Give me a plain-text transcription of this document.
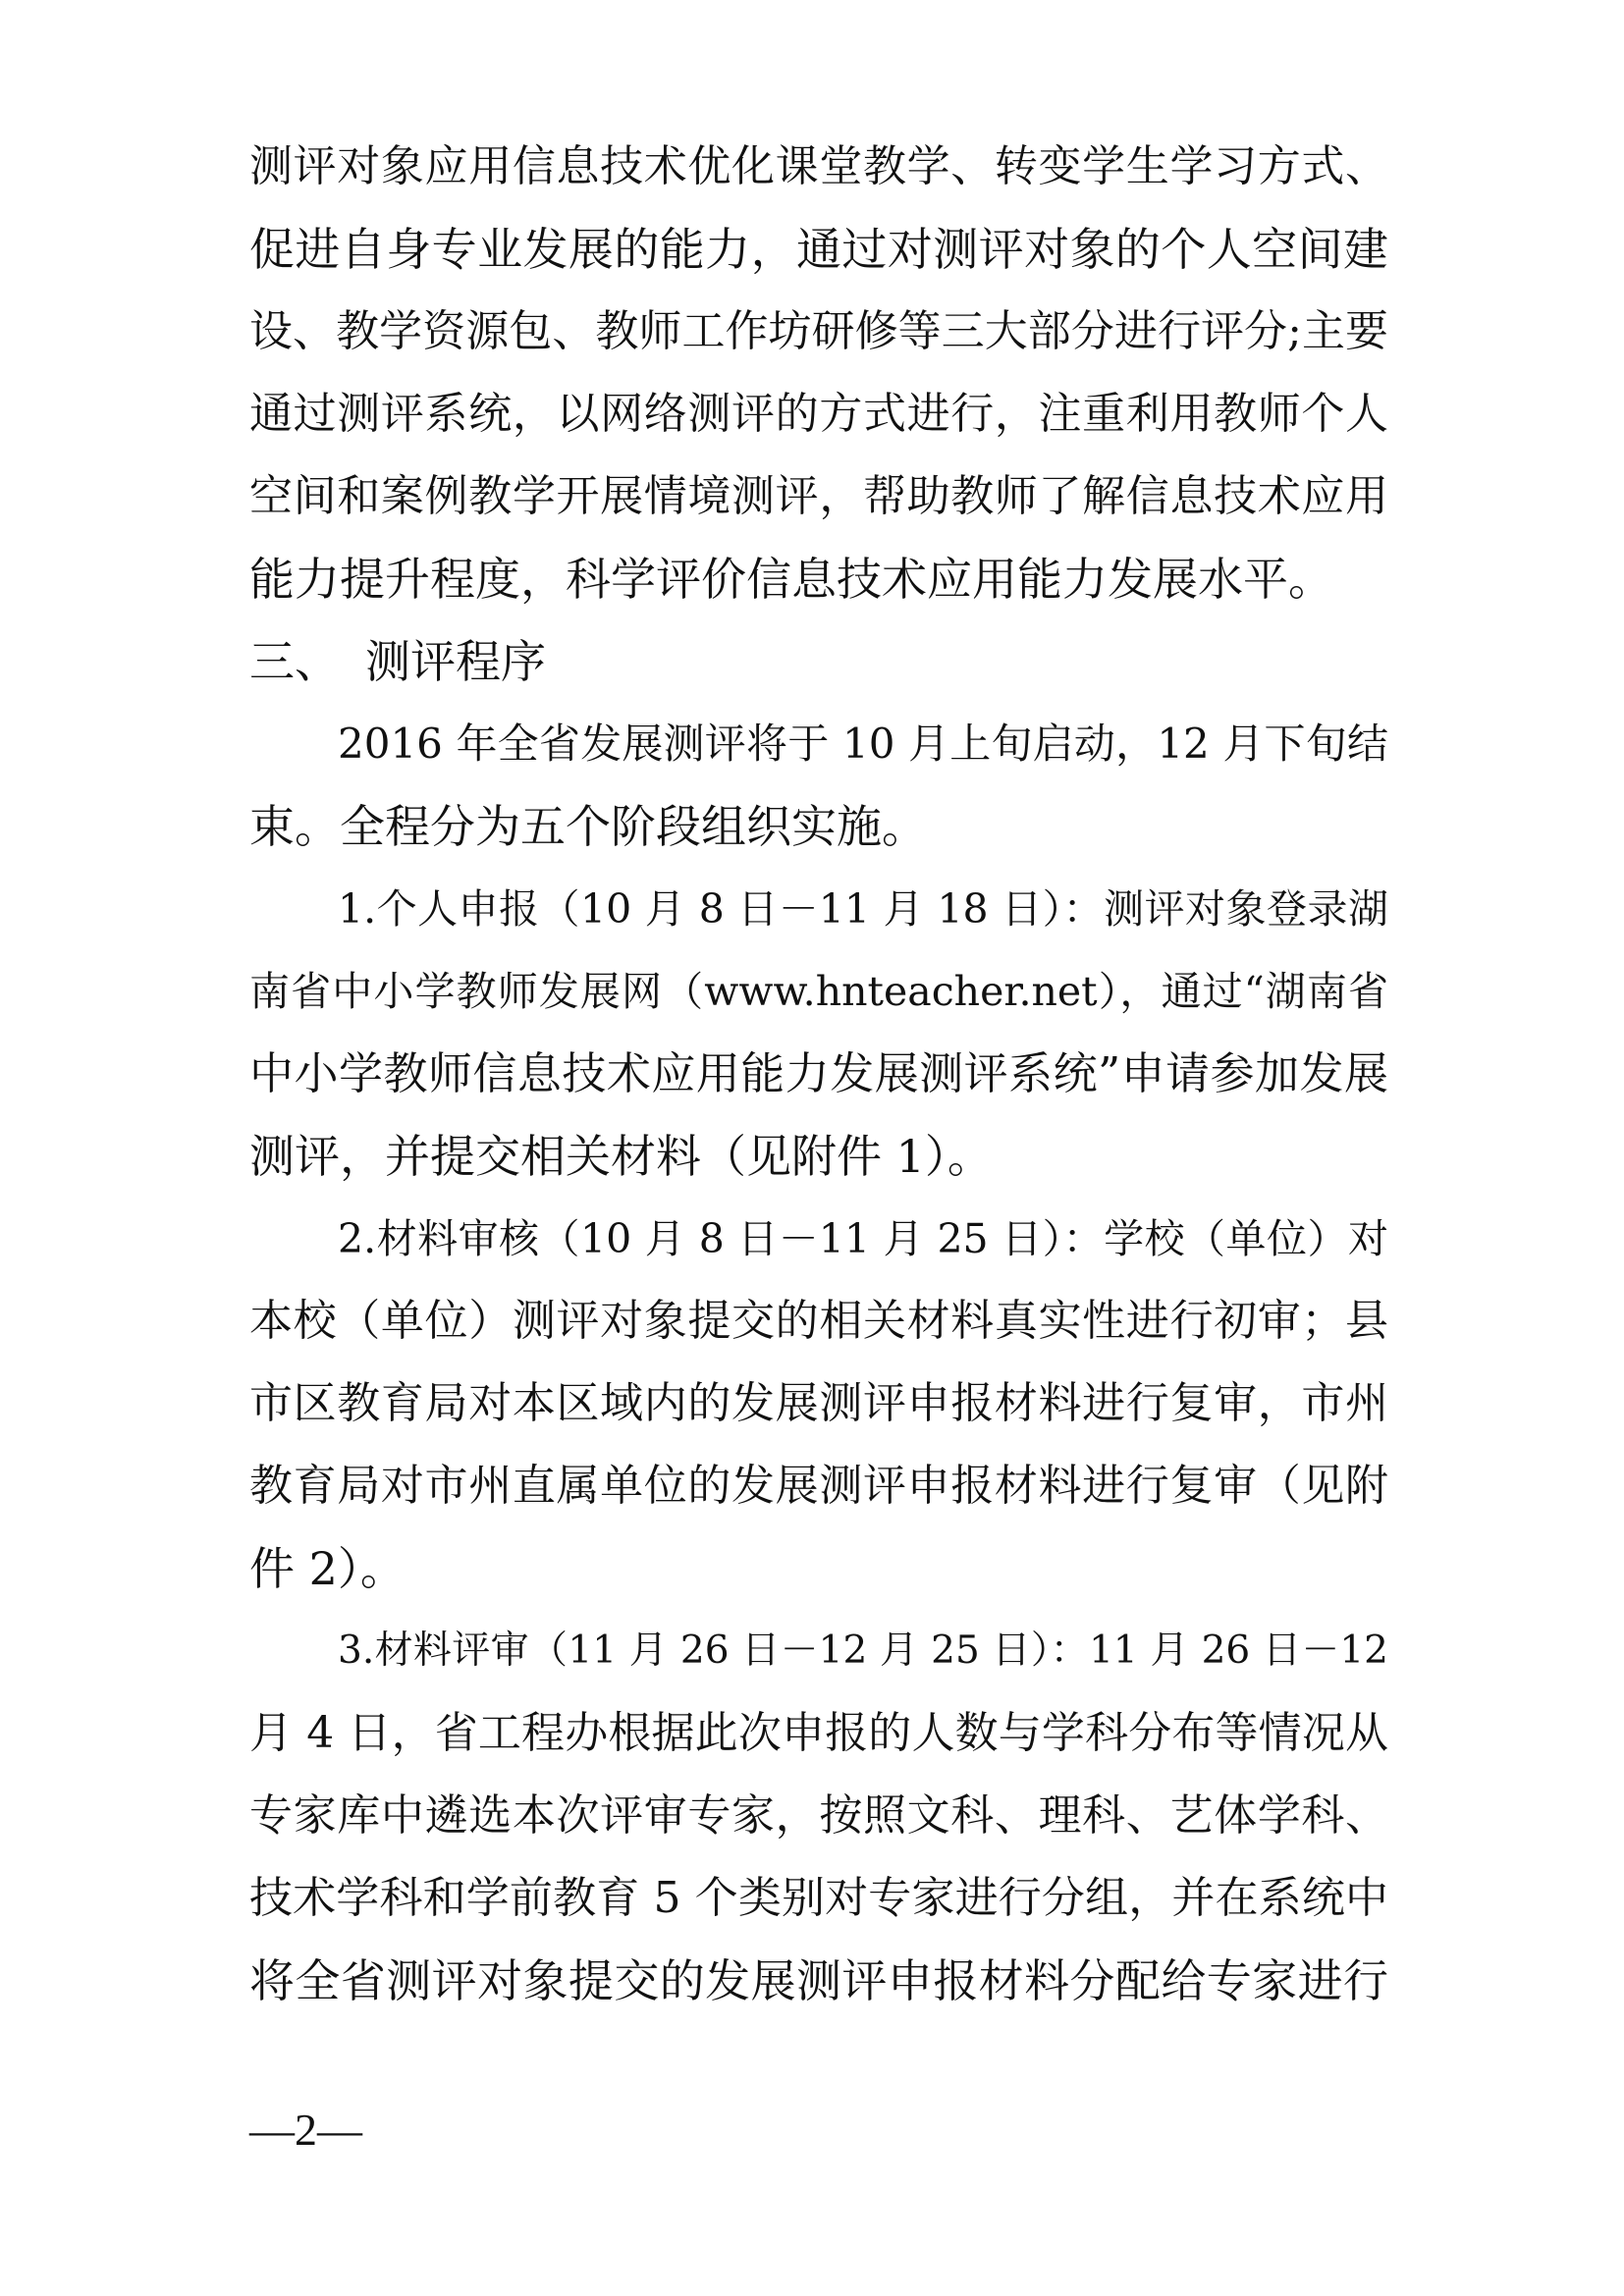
测评对象应用信息技术优化课堂教学、转变学生学习方式、
促进自身专业发展的能力，通过对测评对象的个人空间建
设、教学资源包、教师工作坊研修等三大部分进行评分;主要
通过测评系统，以网络测评的方式进行，注重利用教师个人
空间和案例教学开展情境测评，帮助教师了解信息技术应用
能力提升程度，科学评价信息技术应用能力发展水平。
三、 测评程序
2016 年全省发展测评将于 10 月上旬启动，12 月下旬结
束。全程分为五个阶段组织实施。
1.个人申报（10 月 8 日－11 月 18 日）：测评对象登录湖
南省中小学教师发展网（www.hnteacher.net），通过“湖南省
中小学教师信息技术应用能力发展测评系统”申请参加发展
测评，并提交相关材料（见附件 1）。
2.材料审核（10 月 8 日－11 月 25 日）：学校（单位）对
本校（单位）测评对象提交的相关材料真实性进行初审；县
市区教育局对本区域内的发展测评申报材料进行复审，市州
教育局对市州直属单位的发展测评申报材料进行复审（见附
件 2）。
3.材料评审（11 月 26 日－12 月 25 日）：11 月 26 日－12
月 4 日，省工程办根据此次申报的人数与学科分布等情况从
专家库中遴选本次评审专家，按照文科、理科、艺体学科、
技术学科和学前教育 5 个类别对专家进行分组，并在系统中
将全省测评对象提交的发展测评申报材料分配给专家进行
—2—
